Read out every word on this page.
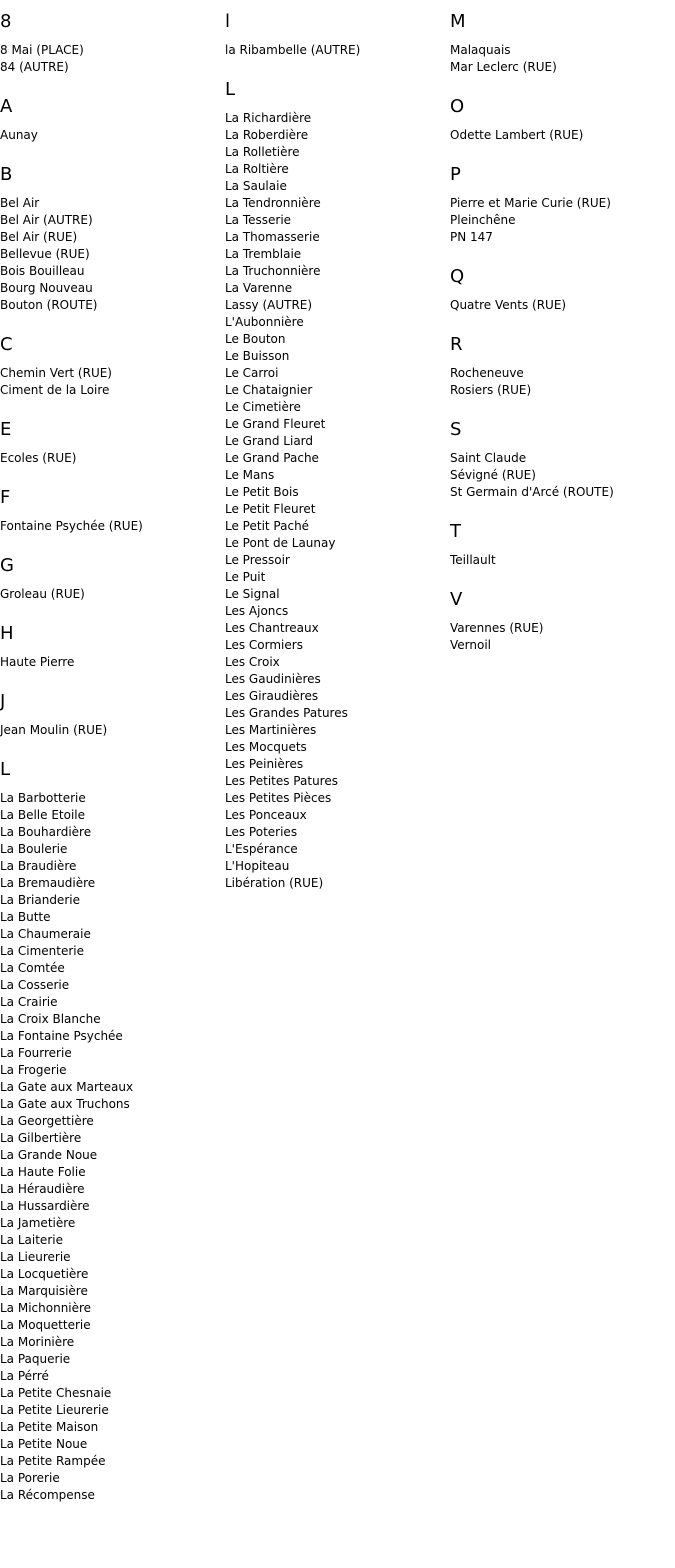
8
8 Mai (PLACE)
84 (AUTRE)
A
Aunay
B
Bel Air
Bel Air (AUTRE)
Bel Air (RUE)
Bellevue (RUE)
Bois Bouilleau
Bourg Nouveau
Bouton (ROUTE)
C
Chemin Vert (RUE)
Ciment de la Loire
E
Ecoles (RUE)
F
Fontaine Psychée (RUE)
G
Groleau (RUE)
H
Haute Pierre
J
Jean Moulin (RUE)
L
La Barbotterie
La Belle Etoile
La Bouhardière
La Boulerie
La Braudière
La Bremaudière
La Brianderie
La Butte
La Chaumeraie
La Cimenterie
La Comtée
La Cosserie
La Crairie
La Croix Blanche
La Fontaine Psychée
La Fourrerie
La Frogerie
La Gate aux Marteaux
La Gate aux Truchons
La Georgettière
La Gilbertière
La Grande Noue
La Haute Folie
La Héraudière
La Hussardière
La Jametière
La Laiterie
La Lieurerie
La Locquetière
La Marquisière
La Michonnière
La Moquetterie
La Morinière
La Paquerie
La Pérré
La Petite Chesnaie
La Petite Lieurerie
La Petite Maison
La Petite Noue
La Petite Rampée
La Porerie
La Récompense
l
la Ribambelle (AUTRE)
L
La Richardière
La Roberdière
La Rolletière
La Roltière
La Saulaie
La Tendronnière
La Tesserie
La Thomasserie
La Tremblaie
La Truchonnière
La Varenne
Lassy (AUTRE)
L'Aubonnière
Le Bouton
Le Buisson
Le Carroi
Le Chataignier
Le Cimetière
Le Grand Fleuret
Le Grand Liard
Le Grand Pache
Le Mans
Le Petit Bois
Le Petit Fleuret
Le Petit Paché
Le Pont de Launay
Le Pressoir
Le Puit
Le Signal
Les Ajoncs
Les Chantreaux
Les Cormiers
Les Croix
Les Gaudinières
Les Giraudières
Les Grandes Patures
Les Martinières
Les Mocquets
Les Peinières
Les Petites Patures
Les Petites Pièces
Les Ponceaux
Les Poteries
L'Espérance
L'Hopiteau
Libération (RUE)
M
Malaquais
Mar Leclerc (RUE)
O
Odette Lambert (RUE)
P
Pierre et Marie Curie (RUE)
Pleinchêne
PN 147
Q
Quatre Vents (RUE)
R
Rocheneuve
Rosiers (RUE)
S
Saint Claude
Sévigné (RUE)
St Germain d'Arcé (ROUTE)
T
Teillault
V
Varennes (RUE)
Vernoil
